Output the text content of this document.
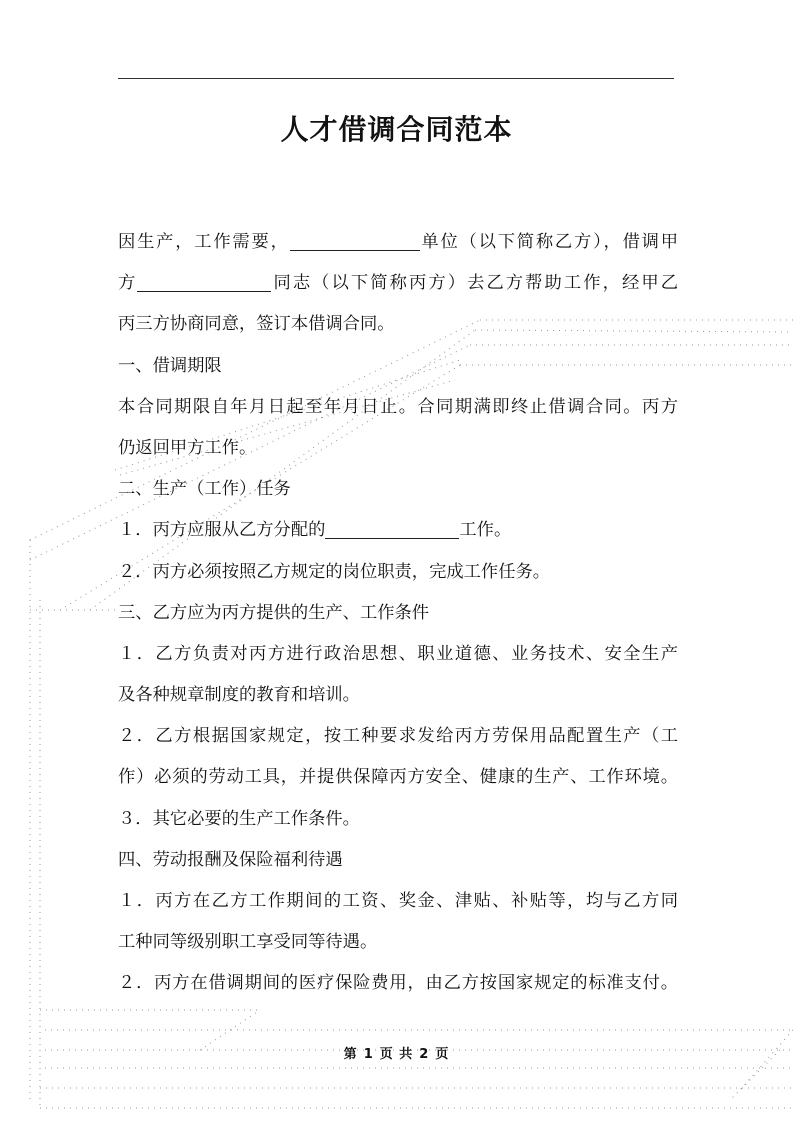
人才借调合同范本
因生产，工作需要，	单位（以下简称乙方），借调甲
方	同志（以下简称丙方）去乙方帮助工作，经甲乙
丙三方协商同意，签订本借调合同。
一、借调期限
本合同期限自年月日起至年月日止。合同期满即终止借调合同。丙方
仍返回甲方工作。
二、生产（工作）任务
１．丙方应服从乙方分配的	工作。
２．丙方必须按照乙方规定的岗位职责，完成工作任务。
三、乙方应为丙方提供的生产、工作条件
１．乙方负责对丙方进行政治思想、职业道德、业务技术、安全生产
及各种规章制度的教育和培训。
２．乙方根据国家规定，按工种要求发给丙方劳保用品配置生产（工
作）必须的劳动工具，并提供保障丙方安全、健康的生产、工作环境。
３．其它必要的生产工作条件。
四、劳动报酬及保险福利待遇
１．丙方在乙方工作期间的工资、奖金、津贴、补贴等，均与乙方同
工种同等级别职工享受同等待遇。
２．丙方在借调期间的医疗保险费用，由乙方按国家规定的标准支付。
第 1 页 共 2 页
